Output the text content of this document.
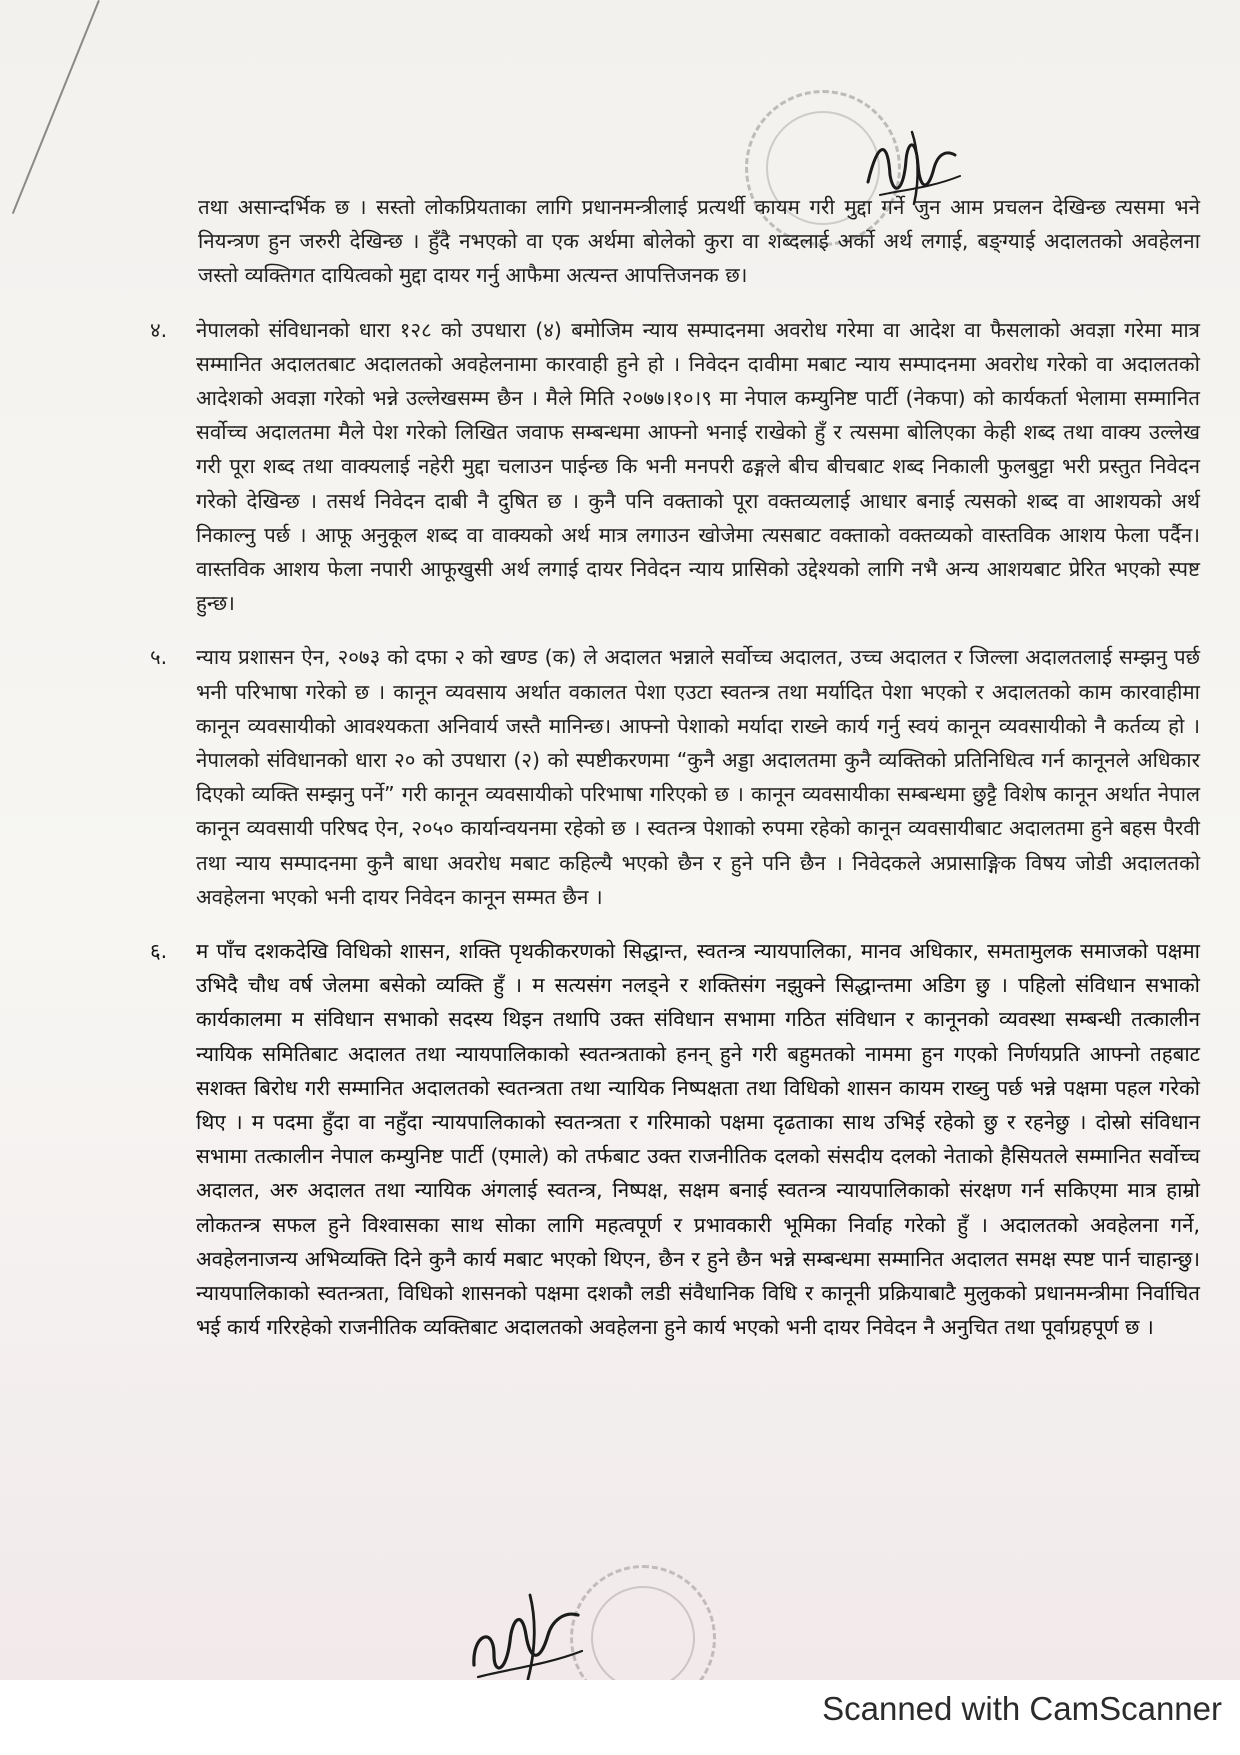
तथा असान्दर्भिक छ । सस्तो लोकप्रियताका लागि प्रधानमन्त्रीलाई प्रत्यर्थी कायम गरी मुद्दा गर्ने जुन आम प्रचलन देखिन्छ त्यसमा भने नियन्त्रण हुन जरुरी देखिन्छ । हुँदै नभएको वा एक अर्थमा बोलेको कुरा वा शब्दलाई अर्को अर्थ लगाई, बङ्ग्याई अदालतको अवहेलना जस्तो व्यक्तिगत दायित्वको मुद्दा दायर गर्नु आफैमा अत्यन्त आपत्तिजनक छ।

४. नेपालको संविधानको धारा १२८ को उपधारा (४) बमोजिम न्याय सम्पादनमा अवरोध गरेमा वा आदेश वा फैसलाको अवज्ञा गरेमा मात्र सम्मानित अदालतबाट अदालतको अवहेलनामा कारवाही हुने हो । निवेदन दावीमा मबाट न्याय सम्पादनमा अवरोध गरेको वा अदालतको आदेशको अवज्ञा गरेको भन्ने उल्लेखसम्म छैन । मैले मिति २०७७।१०।९ मा नेपाल कम्युनिष्ट पार्टी (नेकपा) को कार्यकर्ता भेलामा सम्मानित सर्वोच्च अदालतमा मैले पेश गरेको लिखित जवाफ सम्बन्धमा आफ्नो भनाई राखेको हुँ र त्यसमा बोलिएका केही शब्द तथा वाक्य उल्लेख गरी पूरा शब्द तथा वाक्यलाई नहेरी मुद्दा चलाउन पाईन्छ कि भनी मनपरी ढङ्गले बीच बीचबाट शब्द निकाली फुलबुट्टा भरी प्रस्तुत निवेदन गरेको देखिन्छ । तसर्थ निवेदन दाबी नै दुषित छ । कुनै पनि वक्ताको पूरा वक्तव्यलाई आधार बनाई त्यसको शब्द वा आशयको अर्थ निकाल्नु पर्छ । आफू अनुकूल शब्द वा वाक्यको अर्थ मात्र लगाउन खोजेमा त्यसबाट वक्ताको वक्तव्यको वास्तविक आशय फेला पर्दैन। वास्तविक आशय फेला नपारी आफूखुसी अर्थ लगाई दायर निवेदन न्याय प्रासिको उद्देश्यको लागि नभै अन्य आशयबाट प्रेरित भएको स्पष्ट हुन्छ।

५. न्याय प्रशासन ऐन, २०७३ को दफा २ को खण्ड (क) ले अदालत भन्नाले सर्वोच्च अदालत, उच्च अदालत र जिल्ला अदालतलाई सम्झनु पर्छ भनी परिभाषा गरेको छ । कानून व्यवसाय अर्थात वकालत पेशा एउटा स्वतन्त्र तथा मर्यादित पेशा भएको र अदालतको काम कारवाहीमा कानून व्यवसायीको आवश्यकता अनिवार्य जस्तै मानिन्छ। आफ्नो पेशाको मर्यादा राख्ने कार्य गर्नु स्वयं कानून व्यवसायीको नै कर्तव्य हो । नेपालको संविधानको धारा २० को उपधारा (२) को स्पष्टीकरणमा “कुनै अड्डा अदालतमा कुनै व्यक्तिको प्रतिनिधित्व गर्न कानूनले अधिकार दिएको व्यक्ति सम्झनु पर्ने” गरी कानून व्यवसायीको परिभाषा गरिएको छ । कानून व्यवसायीका सम्बन्धमा छुट्टै विशेष कानून अर्थात नेपाल कानून व्यवसायी परिषद ऐन, २०५० कार्यान्वयनमा रहेको छ । स्वतन्त्र पेशाको रुपमा रहेको कानून व्यवसायीबाट अदालतमा हुने बहस पैरवी तथा न्याय सम्पादनमा कुनै बाधा अवरोध मबाट कहिल्यै भएको छैन र हुने पनि छैन । निवेदकले अप्रासाङ्गिक विषय जोडी अदालतको अवहेलना भएको भनी दायर निवेदन कानून सम्मत छैन ।

६. म पाँच दशकदेखि विधिको शासन, शक्ति पृथकीकरणको सिद्धान्त, स्वतन्त्र न्यायपालिका, मानव अधिकार, समतामुलक समाजको पक्षमा उभिदै चौध वर्ष जेलमा बसेको व्यक्ति हुँ । म सत्यसंग नलड्ने र शक्तिसंग नझुक्ने सिद्धान्तमा अडिग छु । पहिलो संविधान सभाको कार्यकालमा म संविधान सभाको सदस्य थिइन तथापि उक्त संविधान सभामा गठित संविधान र कानूनको व्यवस्था सम्बन्धी तत्कालीन न्यायिक समितिबाट अदालत तथा न्यायपालिकाको स्वतन्त्रताको हनन् हुने गरी बहुमतको नाममा हुन गएको निर्णयप्रति आफ्नो तहबाट सशक्त बिरोध गरी सम्मानित अदालतको स्वतन्त्रता तथा न्यायिक निष्पक्षता तथा विधिको शासन कायम राख्नु पर्छ भन्ने पक्षमा पहल गरेको थिए । म पदमा हुँदा वा नहुँदा न्यायपालिकाको स्वतन्त्रता र गरिमाको पक्षमा दृढताका साथ उभिई रहेको छु र रहनेछु । दोस्रो संविधान सभामा तत्कालीन नेपाल कम्युनिष्ट पार्टी (एमाले) को तर्फबाट उक्त राजनीतिक दलको संसदीय दलको नेताको हैसियतले सम्मानित सर्वोच्च अदालत, अरु अदालत तथा न्यायिक अंगलाई स्वतन्त्र, निष्पक्ष, सक्षम बनाई स्वतन्त्र न्यायपालिकाको संरक्षण गर्न सकिएमा मात्र हाम्रो लोकतन्त्र सफल हुने विश्वासका साथ सोका लागि महत्वपूर्ण र प्रभावकारी भूमिका निर्वाह गरेको हुँ । अदालतको अवहेलना गर्ने, अवहेलनाजन्य अभिव्यक्ति दिने कुनै कार्य मबाट भएको थिएन, छैन र हुने छैन भन्ने सम्बन्धमा सम्मानित अदालत समक्ष स्पष्ट पार्न चाहान्छु। न्यायपालिकाको स्वतन्त्रता, विधिको शासनको पक्षमा दशकौ लडी संवैधानिक विधि र कानूनी प्रक्रियाबाटै मुलुकको प्रधानमन्त्रीमा निर्वाचित भई कार्य गरिरहेको राजनीतिक व्यक्तिबाट अदालतको अवहेलना हुने कार्य भएको भनी दायर निवेदन नै अनुचित तथा पूर्वाग्रहपूर्ण छ ।

Scanned with CamScanner
